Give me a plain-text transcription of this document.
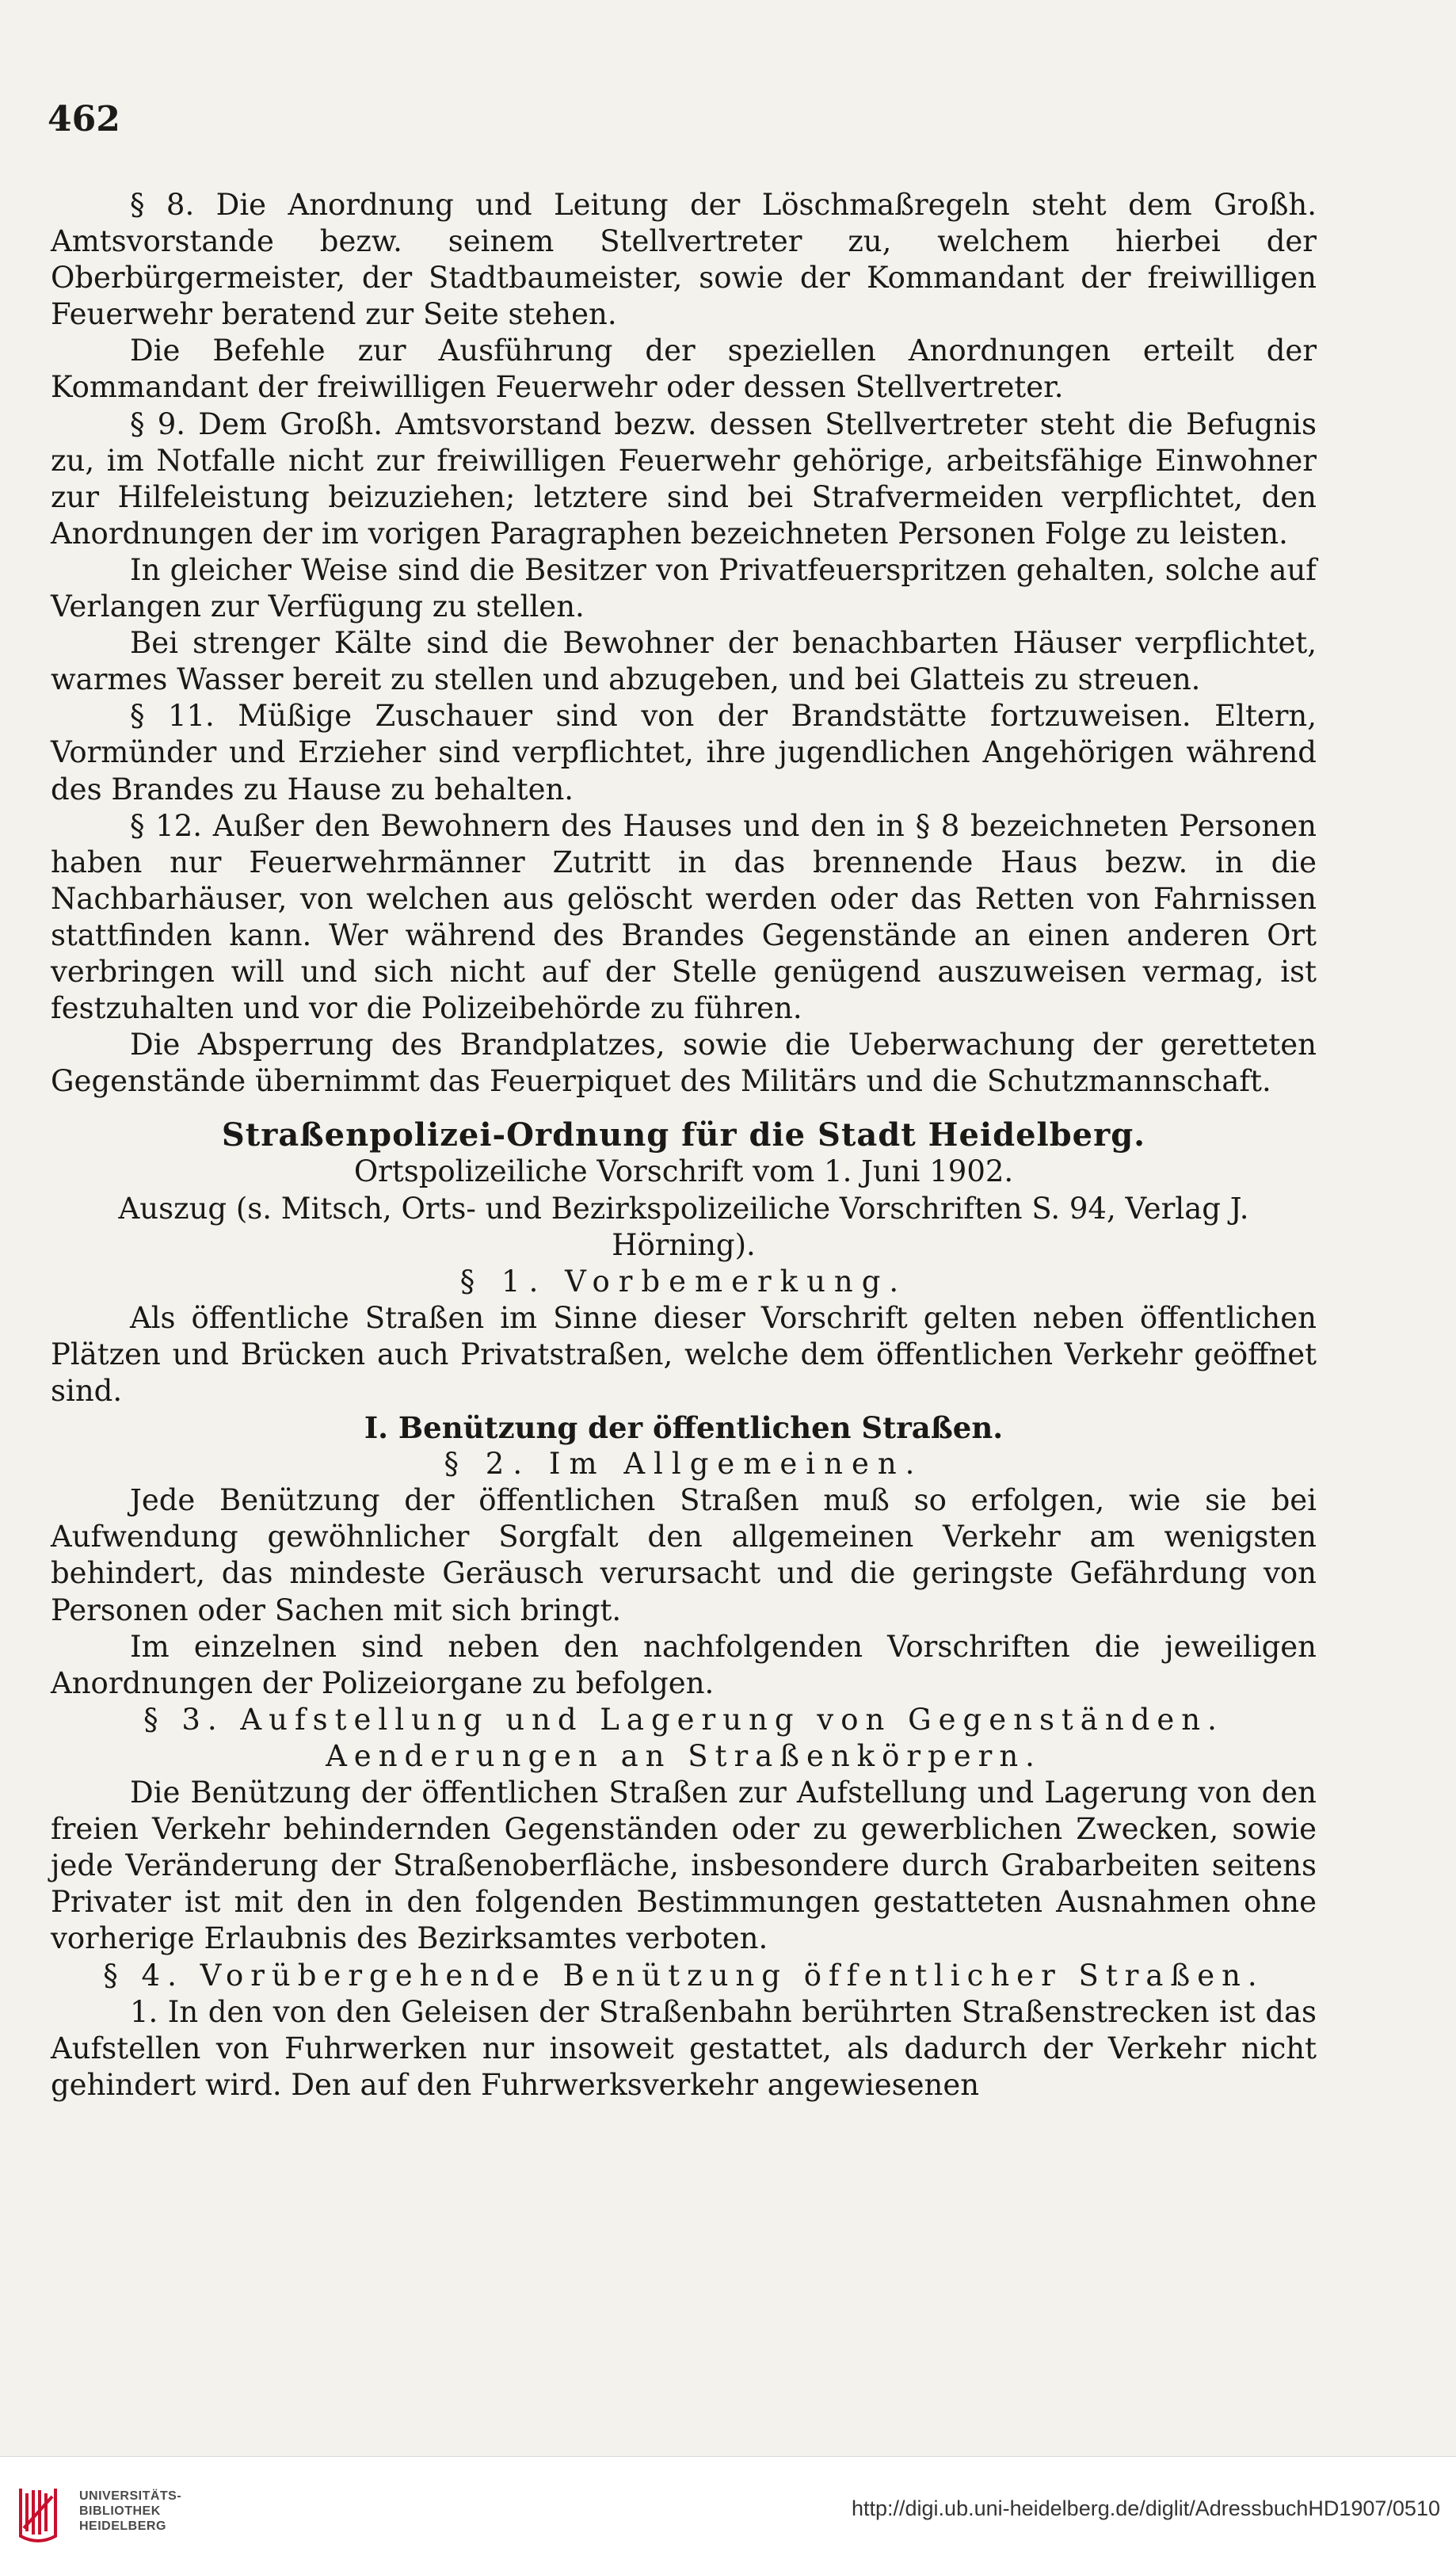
462

§ 8. Die Anordnung und Leitung der Löschmaßregeln steht dem Großh. Amtsvorstande bezw. seinem Stellvertreter zu, welchem hierbei der Oberbürgermeister, der Stadtbaumeister, sowie der Kommandant der freiwilligen Feuerwehr beratend zur Seite stehen.

Die Befehle zur Ausführung der speziellen Anordnungen erteilt der Kommandant der freiwilligen Feuerwehr oder dessen Stellvertreter.

§ 9. Dem Großh. Amtsvorstand bezw. dessen Stellvertreter steht die Befugnis zu, im Notfalle nicht zur freiwilligen Feuerwehr gehörige, arbeitsfähige Einwohner zur Hilfeleistung beizuziehen; letztere sind bei Strafvermeiden verpflichtet, den Anordnungen der im vorigen Paragraphen bezeichneten Personen Folge zu leisten.

In gleicher Weise sind die Besitzer von Privatfeuerspritzen gehalten, solche auf Verlangen zur Verfügung zu stellen.

Bei strenger Kälte sind die Bewohner der benachbarten Häuser verpflichtet, warmes Wasser bereit zu stellen und abzugeben, und bei Glatteis zu streuen.

§ 11. Müßige Zuschauer sind von der Brandstätte fortzuweisen. Eltern, Vormünder und Erzieher sind verpflichtet, ihre jugendlichen Angehörigen während des Brandes zu Hause zu behalten.

§ 12. Außer den Bewohnern des Hauses und den in § 8 bezeichneten Personen haben nur Feuerwehrmänner Zutritt in das brennende Haus bezw. in die Nachbarhäuser, von welchen aus gelöscht werden oder das Retten von Fahrnissen stattfinden kann. Wer während des Brandes Gegenstände an einen anderen Ort verbringen will und sich nicht auf der Stelle genügend auszuweisen vermag, ist festzuhalten und vor die Polizeibehörde zu führen.

Die Absperrung des Brandplatzes, sowie die Ueberwachung der geretteten Gegenstände übernimmt das Feuerpiquet des Militärs und die Schutzmannschaft.

Straßenpolizei-Ordnung für die Stadt Heidelberg.

Ortspolizeiliche Vorschrift vom 1. Juni 1902.

Auszug (s. Mitsch, Orts- und Bezirkspolizeiliche Vorschriften S. 94, Verlag J. Hörning).

§ 1. Vorbemerkung.

Als öffentliche Straßen im Sinne dieser Vorschrift gelten neben öffentlichen Plätzen und Brücken auch Privatstraßen, welche dem öffentlichen Verkehr geöffnet sind.

I. Benützung der öffentlichen Straßen.

§ 2. Im Allgemeinen.

Jede Benützung der öffentlichen Straßen muß so erfolgen, wie sie bei Aufwendung gewöhnlicher Sorgfalt den allgemeinen Verkehr am wenigsten behindert, das mindeste Geräusch verursacht und die geringste Gefährdung von Personen oder Sachen mit sich bringt.

Im einzelnen sind neben den nachfolgenden Vorschriften die jeweiligen Anordnungen der Polizeiorgane zu befolgen.

§ 3. Aufstellung und Lagerung von Gegenständen.

Aenderungen an Straßenkörpern.

Die Benützung der öffentlichen Straßen zur Aufstellung und Lagerung von den freien Verkehr behindernden Gegenständen oder zu gewerblichen Zwecken, sowie jede Veränderung der Straßenoberfläche, insbesondere durch Grabarbeiten seitens Privater ist mit den in den folgenden Bestimmungen gestatteten Ausnahmen ohne vorherige Erlaubnis des Bezirksamtes verboten.

§ 4. Vorübergehende Benützung öffentlicher Straßen.

1. In den von den Geleisen der Straßenbahn berührten Straßenstrecken ist das Aufstellen von Fuhrwerken nur insoweit gestattet, als dadurch der Verkehr nicht gehindert wird. Den auf den Fuhrwerksverkehr angewiesenen

UNIVERSITÄTS-
BIBLIOTHEK
HEIDELBERG
http://digi.ub.uni-heidelberg.de/diglit/AdressbuchHD1907/0510
